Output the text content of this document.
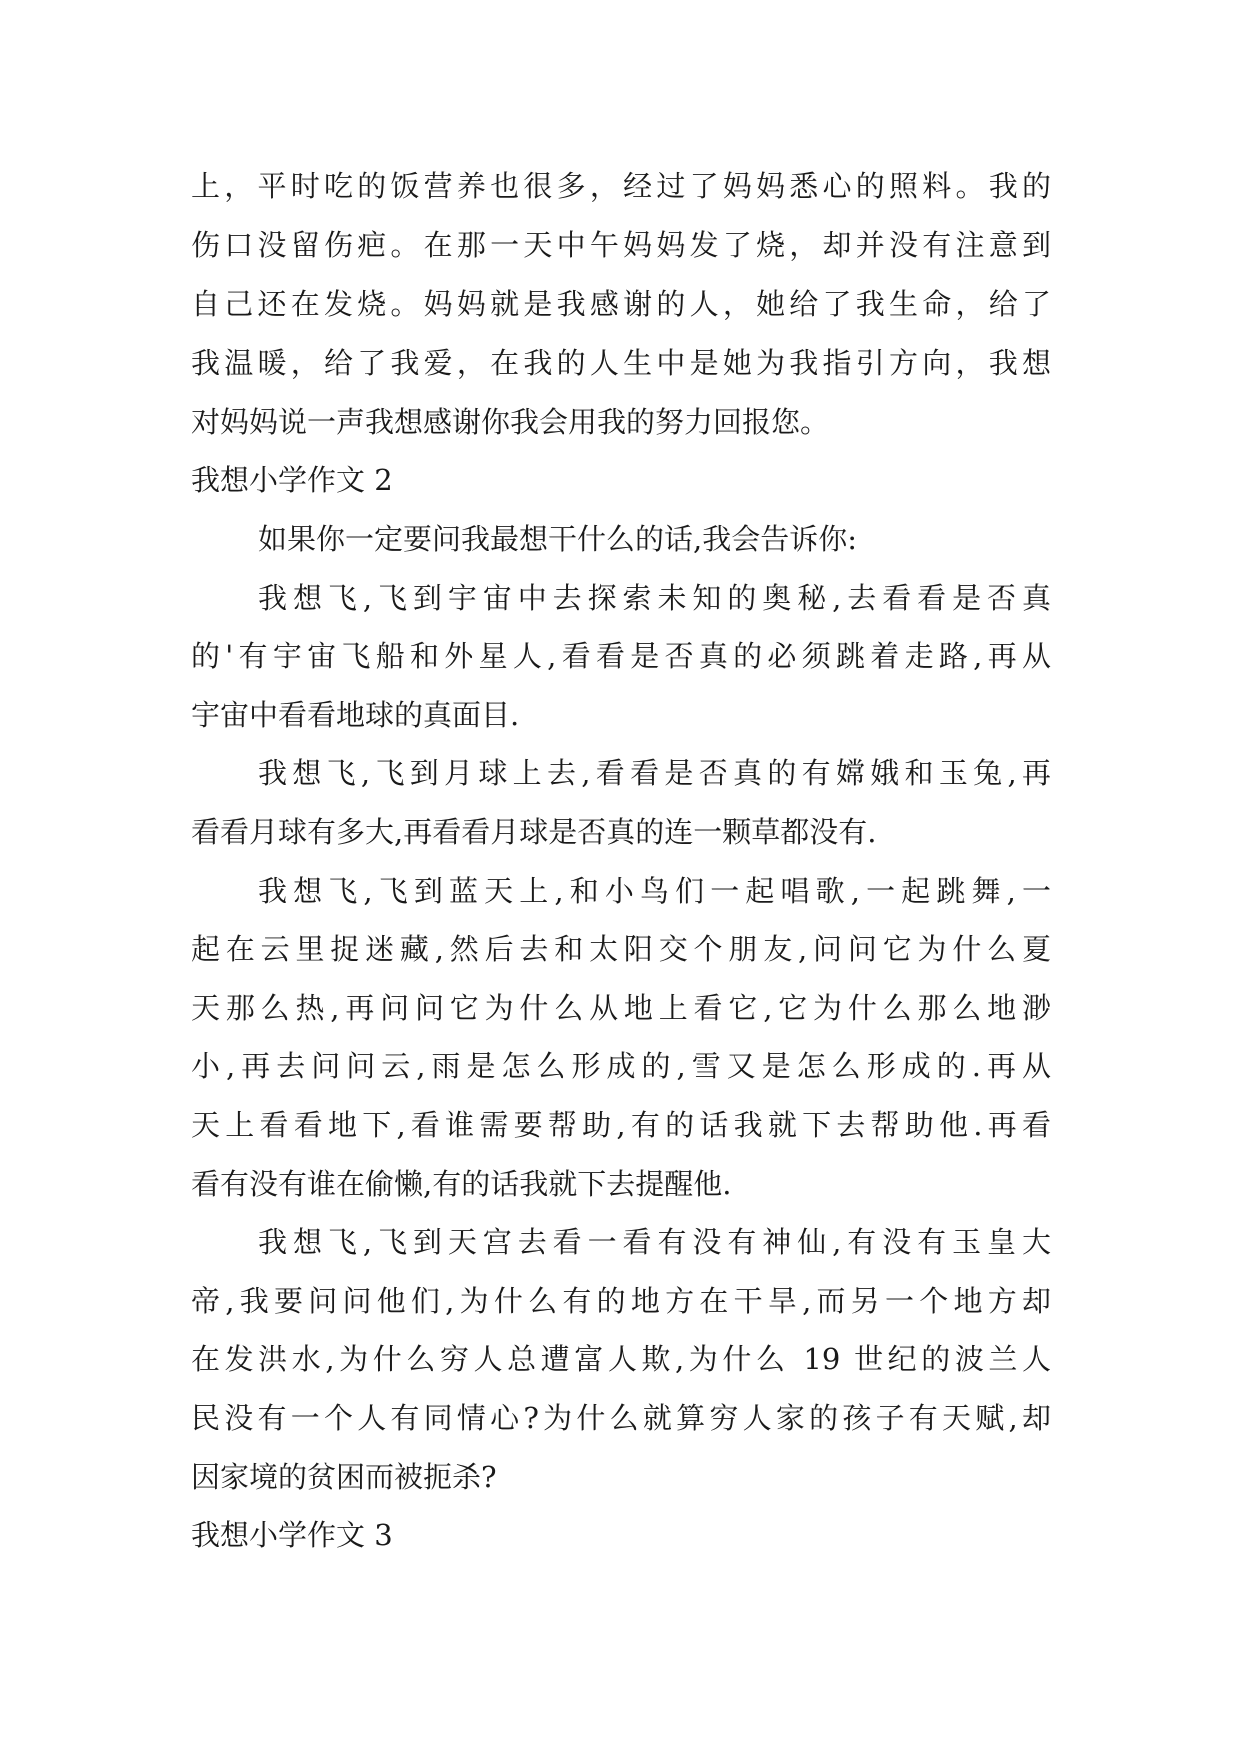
上，平时吃的饭营养也很多，经过了妈妈悉心的照料。我的
伤口没留伤疤。在那一天中午妈妈发了烧，却并没有注意到
自己还在发烧。妈妈就是我感谢的人，她给了我生命，给了
我温暖，给了我爱，在我的人生中是她为我指引方向，我想
对妈妈说一声我想感谢你我会用我的努力回报您。
我想小学作文 2
如果你一定要问我最想干什么的话,我会告诉你:
我想飞,飞到宇宙中去探索未知的奥秘,去看看是否真
的'有宇宙飞船和外星人,看看是否真的必须跳着走路,再从
宇宙中看看地球的真面目.
我想飞,飞到月球上去,看看是否真的有嫦娥和玉兔,再
看看月球有多大,再看看月球是否真的连一颗草都没有.
我想飞,飞到蓝天上,和小鸟们一起唱歌,一起跳舞,一
起在云里捉迷藏,然后去和太阳交个朋友,问问它为什么夏
天那么热,再问问它为什么从地上看它,它为什么那么地渺
小,再去问问云,雨是怎么形成的,雪又是怎么形成的.再从
天上看看地下,看谁需要帮助,有的话我就下去帮助他.再看
看有没有谁在偷懒,有的话我就下去提醒他.
我想飞,飞到天宫去看一看有没有神仙,有没有玉皇大
帝,我要问问他们,为什么有的地方在干旱,而另一个地方却
在发洪水,为什么穷人总遭富人欺,为什么 19 世纪的波兰人
民没有一个人有同情心?为什么就算穷人家的孩子有天赋,却
因家境的贫困而被扼杀?
我想小学作文 3
